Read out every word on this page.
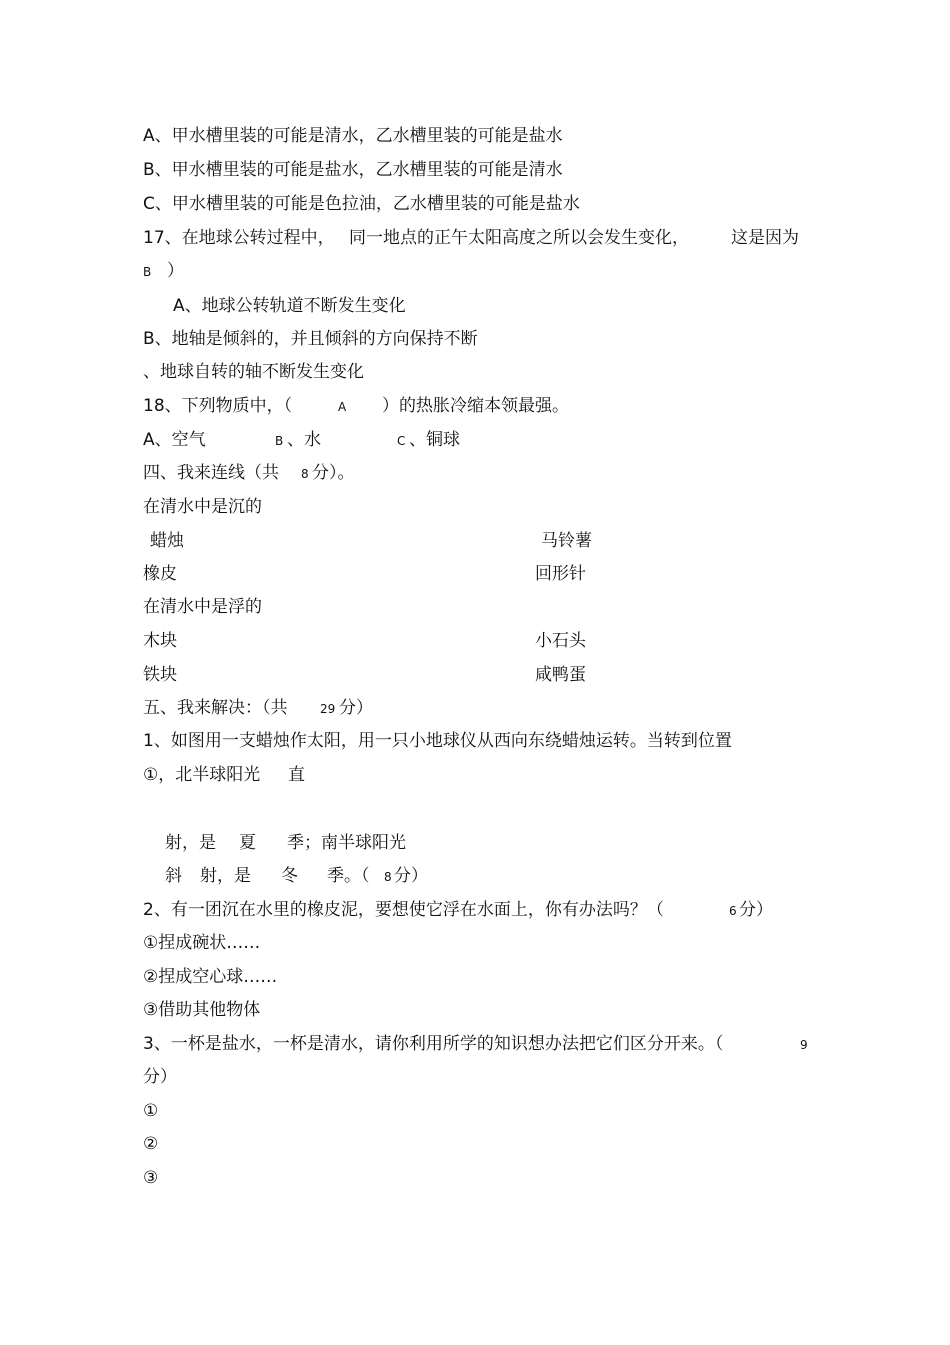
A、甲水槽里装的可能是清水，乙水槽里装的可能是盐水
B、甲水槽里装的可能是盐水，乙水槽里装的可能是清水
C、甲水槽里装的可能是色拉油，乙水槽里装的可能是盐水
17、在地球公转过程中， 同一地点的正午太阳高度之所以会发生变化， 这是因为
B ）
A、地球公转轨道不断发生变化
B、地轴是倾斜的，并且倾斜的方向保持不断
、地球自转的轴不断发生变化
18、下列物质中，（	A ）的热胀冷缩本领最强。
A、空气	B 、水	C 、铜球
四、我来连线（共 8 分）。
在清水中是沉的
蜡烛	马铃薯
橡皮	回形针
在清水中是浮的
木块	小石头
铁块	咸鸭蛋
五、我来解决：（共	29 分）
1、如图用一支蜡烛作太阳，用一只小地球仪从西向东绕蜡烛运转。当转到位置
①，北半球阳光 直
射，是 夏 季；南半球阳光
斜 射，是 冬 季。（ 8 分）
2、有一团沉在水里的橡皮泥，要想使它浮在水面上，你有办法吗？（	6 分）
①捏成碗状……
②捏成空心球……
③借助其他物体
3、一杯是盐水，一杯是清水，请你利用所学的知识想办法把它们区分开来。（	9
分）
①
②
③
